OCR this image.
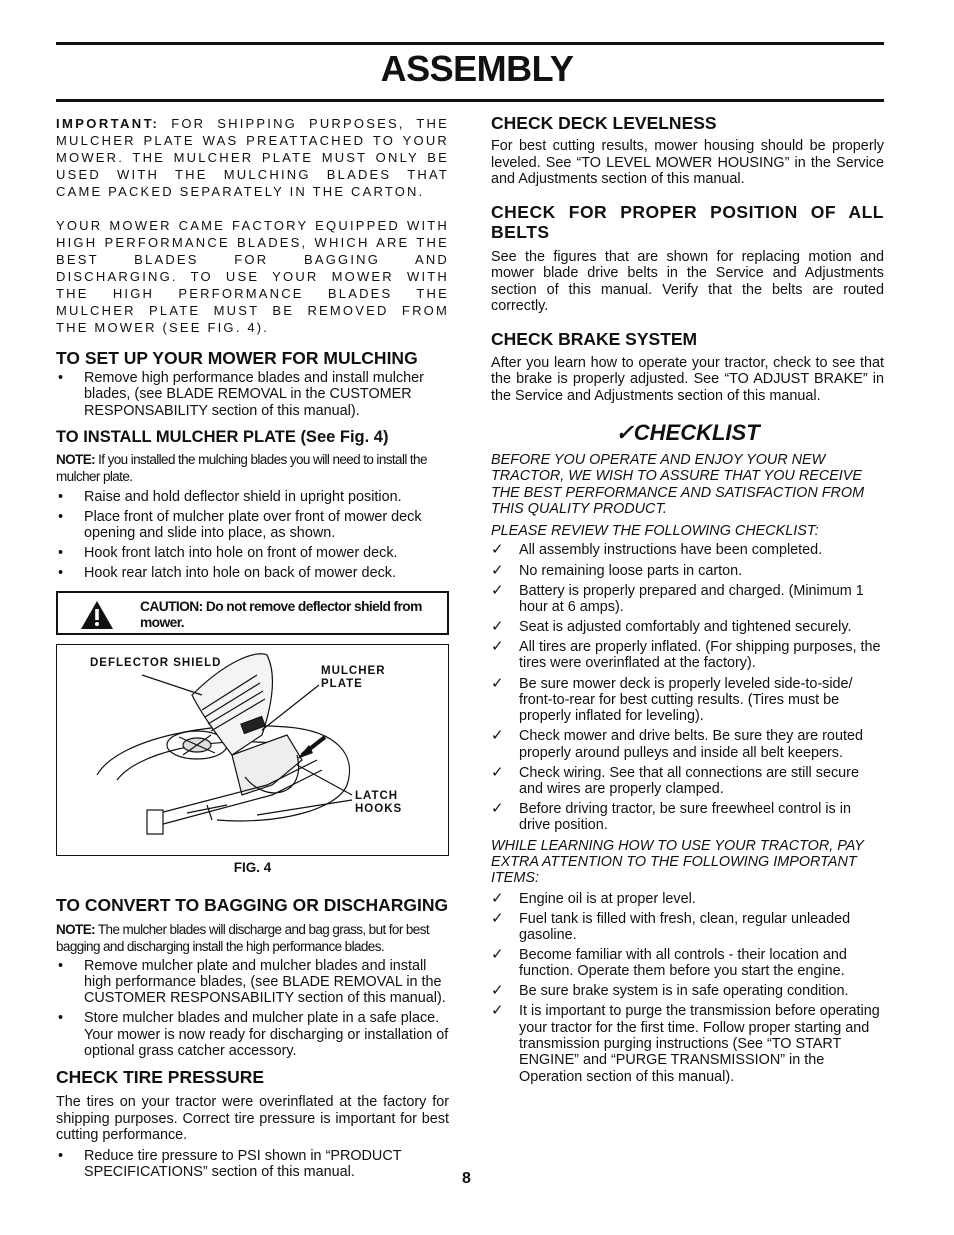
ASSEMBLY

IMPORTANT: FOR SHIPPING PURPOSES, THE MULCHER PLATE WAS PREATTACHED TO YOUR MOWER. THE MULCHER PLATE MUST ONLY BE USED WITH THE MULCHING BLADES THAT CAME PACKED SEPARATELY IN THE CARTON.

YOUR MOWER CAME FACTORY EQUIPPED WITH HIGH PERFORMANCE BLADES, WHICH ARE THE BEST BLADES FOR BAGGING AND DISCHARGING. TO USE YOUR MOWER WITH THE HIGH PERFORMANCE BLADES THE MULCHER PLATE MUST BE REMOVED FROM THE MOWER (SEE FIG. 4).

TO SET UP YOUR MOWER FOR MULCHING
• Remove high performance blades and install mulcher blades, (see BLADE REMOVAL in the CUSTOMER RESPONSABILITY section of this manual).
TO INSTALL MULCHER PLATE (See Fig. 4)

NOTE: If you installed the mulching blades you will need to install the mulcher plate.

• Raise and hold deflector shield in upright position.
• Place front of mulcher plate over front of mower deck opening and slide into place, as shown.
• Hook front latch into hole on front of mower deck.
• Hook rear latch into hole on back of mower deck.
CAUTION: Do not remove deflector shield from mower.
DEFLECTOR SHIELD
MULCHER PLATE
LATCH HOOKS
FIG. 4
TO CONVERT TO BAGGING OR DISCHARGING

NOTE: The mulcher blades will discharge and bag grass, but for best bagging and discharging install the high performance blades.

• Remove mulcher plate and mulcher blades and install high performance blades, (see BLADE REMOVAL in the CUSTOMER RESPONSABILITY section of this manual).
• Store mulcher blades and mulcher plate in a safe place. Your mower is now ready for discharging or installation of optional grass catcher accessory.
CHECK TIRE PRESSURE

The tires on your tractor were overinflated at the factory for shipping purposes. Correct tire pressure is important for best cutting performance.

• Reduce tire pressure to PSI shown in “PRODUCT SPECIFICATIONS” section of this manual.
CHECK DECK LEVELNESS

For best cutting results, mower housing should be properly leveled. See “TO LEVEL MOWER HOUSING” in the Service and Adjustments section of this manual.

CHECK FOR PROPER POSITION OF ALL BELTS

See the figures that are shown for replacing motion and mower blade drive belts in the Service and Adjustments section of this manual. Verify that the belts are routed correctly.

CHECK BRAKE SYSTEM

After you learn how to operate your tractor, check to see that the brake is properly adjusted. See “TO ADJUST BRAKE” in the Service and Adjustments section of this manual.

✓CHECKLIST

BEFORE YOU OPERATE AND ENJOY YOUR NEW TRACTOR, WE WISH TO ASSURE THAT YOU RECEIVE THE BEST PERFORMANCE AND SATISFACTION FROM THIS QUALITY PRODUCT.

PLEASE REVIEW THE FOLLOWING CHECKLIST:

✓ All assembly instructions have been completed.
✓ No remaining loose parts in carton.
✓ Battery is properly prepared and charged. (Minimum 1 hour at 6 amps).
✓ Seat is adjusted comfortably and tightened securely.
✓ All tires are properly inflated. (For shipping purposes, the tires were overinflated at the factory).
✓ Be sure mower deck is properly leveled side-to-side/ front-to-rear for best cutting results. (Tires must be properly inflated for leveling).
✓ Check mower and drive belts. Be sure they are routed properly around pulleys and inside all belt keepers.
✓ Check wiring. See that all connections are still secure and wires are properly clamped.
✓ Before driving tractor, be sure freewheel control is in drive position.

WHILE LEARNING HOW TO USE YOUR TRACTOR, PAY EXTRA ATTENTION TO THE FOLLOWING IMPORTANT ITEMS:

✓ Engine oil is at proper level.
✓ Fuel tank is filled with fresh, clean, regular unleaded gasoline.
✓ Become familiar with all controls - their location and function. Operate them before you start the engine.
✓ Be sure brake system is in safe operating condition.
✓ It is important to purge the transmission before operating your tractor for the first time. Follow proper starting and transmission purging instructions (See “TO START ENGINE” and “PURGE TRANSMISSION” in the Operation section of this manual).
8
